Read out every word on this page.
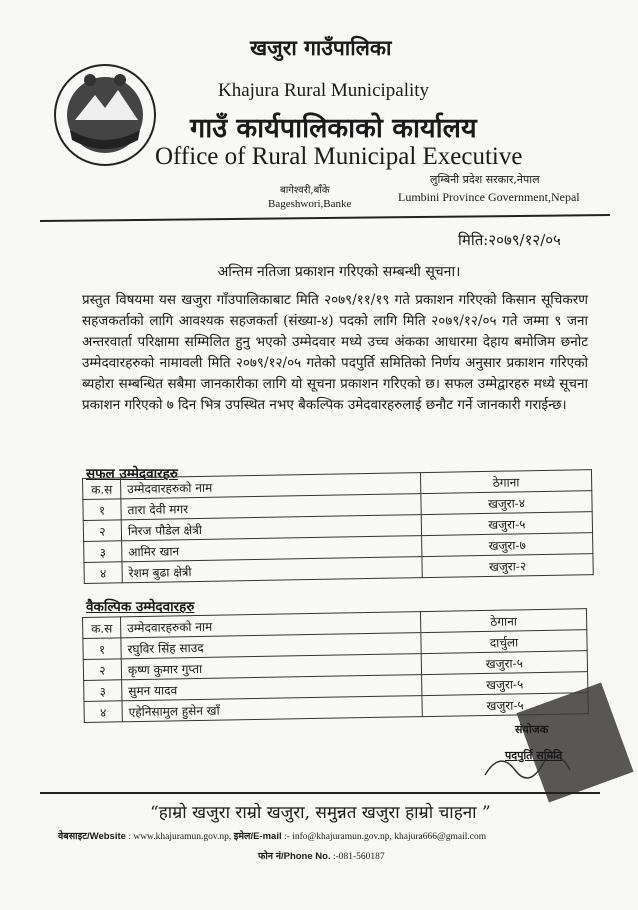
खजुरा गाउँपालिका
Khajura Rural Municipality
गाउँ कार्यपालिकाको कार्यालय
Office of Rural Municipal Executive
बागेश्वरी,बाँके
Bageshwori,Banke
लुम्बिनी प्रदेश सरकार,नेपाल
Lumbini Province Government,Nepal
मिति:२०७९/१२/०५
अन्तिम नतिजा प्रकाशन गरिएको सम्बन्धी सूचना।
प्रस्तुत विषयमा यस खजुरा गाँउपालिकाबाट मिति २०७९/११/१९ गते प्रकाशन गरिएको किसान सूचिकरण सहजकर्ताको लागि आवश्यक सहजकर्ता (संख्या-४) पदको लागि मिति २०७९/१२/०५ गते जम्मा ९ जना अन्तरवार्ता परिक्षामा सम्मिलित हुनु भएको उम्मेदवार मध्ये उच्च अंकका आधारमा देहाय बमोजिम छनोट उम्मेदवारहरुको नामावली मिति २०७९/१२/०५ गतेको पदपुर्ति समितिको निर्णय अनुसार प्रकाशन गरिएको ब्यहोरा सम्बन्धित सबैमा जानकारीका लागि यो सूचना प्रकाशन गरिएको छ। सफल उम्मेद्वारहरु मध्ये सूचना प्रकाशन गरिएको ७ दिन भित्र उपस्थित नभए बैकल्पिक उमेदवारहरुलाई छनौट गर्ने जानकारी गराईन्छ।
सफल उम्मेदवारहरु
क.स	उम्मेदवारहरुको नाम	ठेगाना
१	तारा देवी मगर	खजुरा-४
२	निरज पौडेल क्षेत्री	खजुरा-५
३	आमिर खान	खजुरा-७
४	रेशम बुढा क्षेत्री	खजुरा-२
वैकल्पिक उम्मेदवारहरु
क.स	उम्मेदवारहरुको नाम	ठेगाना
१	रघुविर सिंह साउद	दार्चुला
२	कृष्ण कुमार गुप्ता	खजुरा-५
३	सुमन यादव	खजुरा-५
४	एहेनिसामुल हुसेन खाँ	खजुरा-५
संयोजक
पदपुर्ति समिति
“हाम्रो खजुरा राम्रो खजुरा, समुन्नत खजुरा हाम्रो चाहना ”
वेबसाइट/Website : www.khajuramun.gov.np, इमेल/E-mail :- info@khajuramun.gov.np, khajura666@gmail.com
फोन नं/Phone No. :-081-560187
